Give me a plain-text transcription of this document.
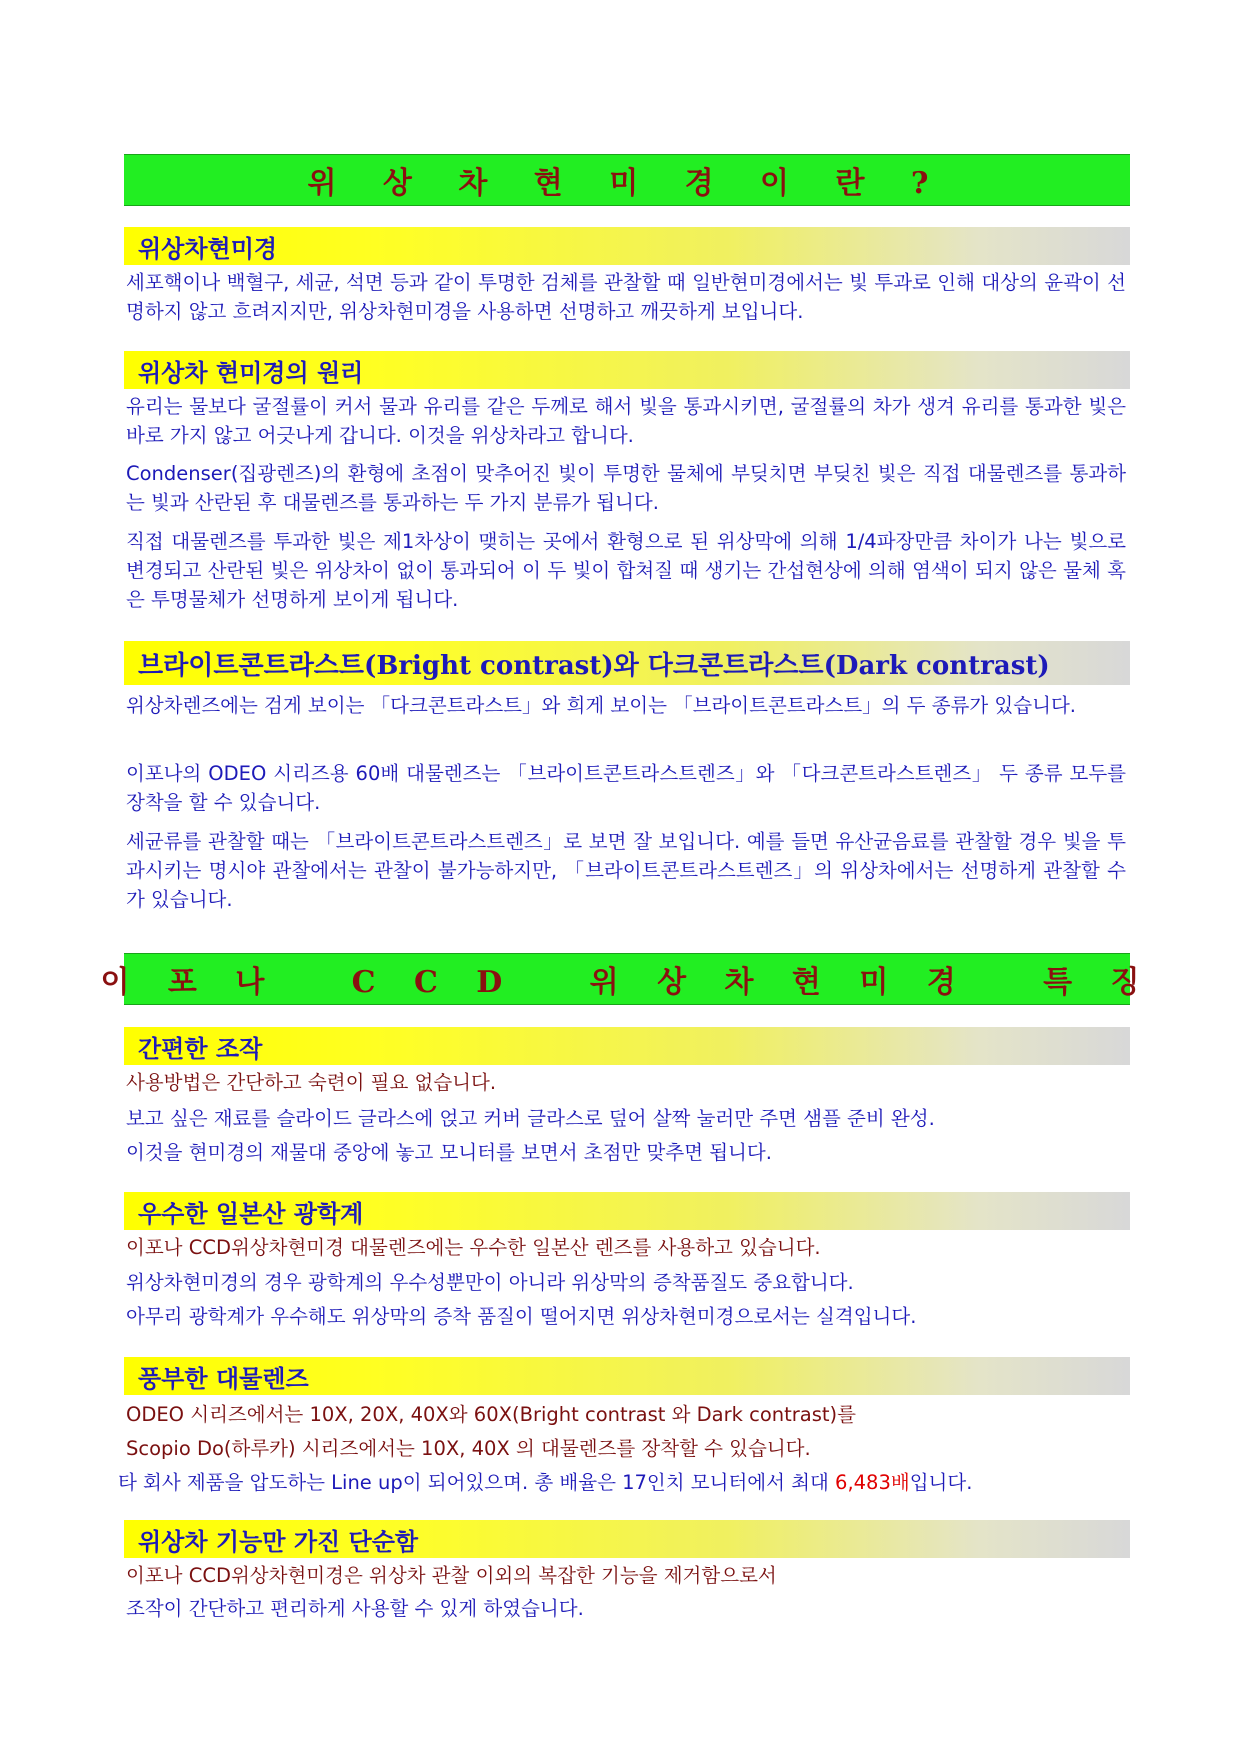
위 상 차 현 미 경 이 란 ?
위상차현미경

세포핵이나 백혈구, 세균, 석면 등과 같이 투명한 검체를 관찰할 때 일반현미경에서는 빛 투과로 인해 대상의 윤곽이 선명하지 않고 흐려지지만, 위상차현미경을 사용하면 선명하고 깨끗하게 보입니다.

위상차 현미경의 원리

유리는 물보다 굴절률이 커서 물과 유리를 같은 두께로 해서 빛을 통과시키면, 굴절률의 차가 생겨 유리를 통과한 빛은 바로 가지 않고 어긋나게 갑니다. 이것을 위상차라고 합니다.

Condenser(집광렌즈)의 환형에 초점이 맞추어진 빛이 투명한 물체에 부딪치면 부딪친 빛은 직접 대물렌즈를 통과하는 빛과 산란된 후 대물렌즈를 통과하는 두 가지 분류가 됩니다.

직접 대물렌즈를 투과한 빛은 제1차상이 맺히는 곳에서 환형으로 된 위상막에 의해 1/4파장만큼 차이가 나는 빛으로 변경되고 산란된 빛은 위상차이 없이 통과되어 이 두 빛이 합쳐질 때 생기는 간섭현상에 의해 염색이 되지 않은 물체 혹은 투명물체가 선명하게 보이게 됩니다.

브라이트콘트라스트(Bright contrast)와 다크콘트라스트(Dark contrast)

위상차렌즈에는 검게 보이는 「다크콘트라스트」와 희게 보이는 「브라이트콘트라스트」의 두 종류가 있습니다.

이포나의 ODEO 시리즈용 60배 대물렌즈는 「브라이트콘트라스트렌즈」와 「다크콘트라스트렌즈」 두 종류 모두를 장착을 할 수 있습니다.

세균류를 관찰할 때는 「브라이트콘트라스트렌즈」로 보면 잘 보입니다. 예를 들면 유산균음료를 관찰할 경우 빛을 투과시키는 명시야 관찰에서는 관찰이 불가능하지만, 「브라이트콘트라스트렌즈」의 위상차에서는 선명하게 관찰할 수가 있습니다.

이 포 나   C C D   위 상 차 현 미 경   특 징
간편한 조작

사용방법은 간단하고 숙련이 필요 없습니다.

보고 싶은 재료를 슬라이드 글라스에 얹고 커버 글라스로 덮어 살짝 눌러만 주면 샘플 준비 완성.

이것을 현미경의 재물대 중앙에 놓고 모니터를 보면서 초점만 맞추면 됩니다.

우수한 일본산 광학계

이포나 CCD위상차현미경 대물렌즈에는 우수한 일본산 렌즈를 사용하고 있습니다.

위상차현미경의 경우 광학계의 우수성뿐만이 아니라 위상막의 증착품질도 중요합니다.

아무리 광학계가 우수해도 위상막의 증착 품질이 떨어지면 위상차현미경으로서는 실격입니다.

풍부한 대물렌즈

ODEO 시리즈에서는 10X, 20X, 40X와 60X(Bright contrast 와 Dark contrast)를

Scopio Do(하루카) 시리즈에서는 10X, 40X 의 대물렌즈를 장착할 수 있습니다.

타 회사 제품을 압도하는 Line up이 되어있으며. 총 배율은 17인치 모니터에서 최대 6,483배입니다.

위상차 기능만 가진 단순함

이포나 CCD위상차현미경은 위상차 관찰 이외의 복잡한 기능을 제거함으로서

조작이 간단하고 편리하게 사용할 수 있게 하였습니다.
